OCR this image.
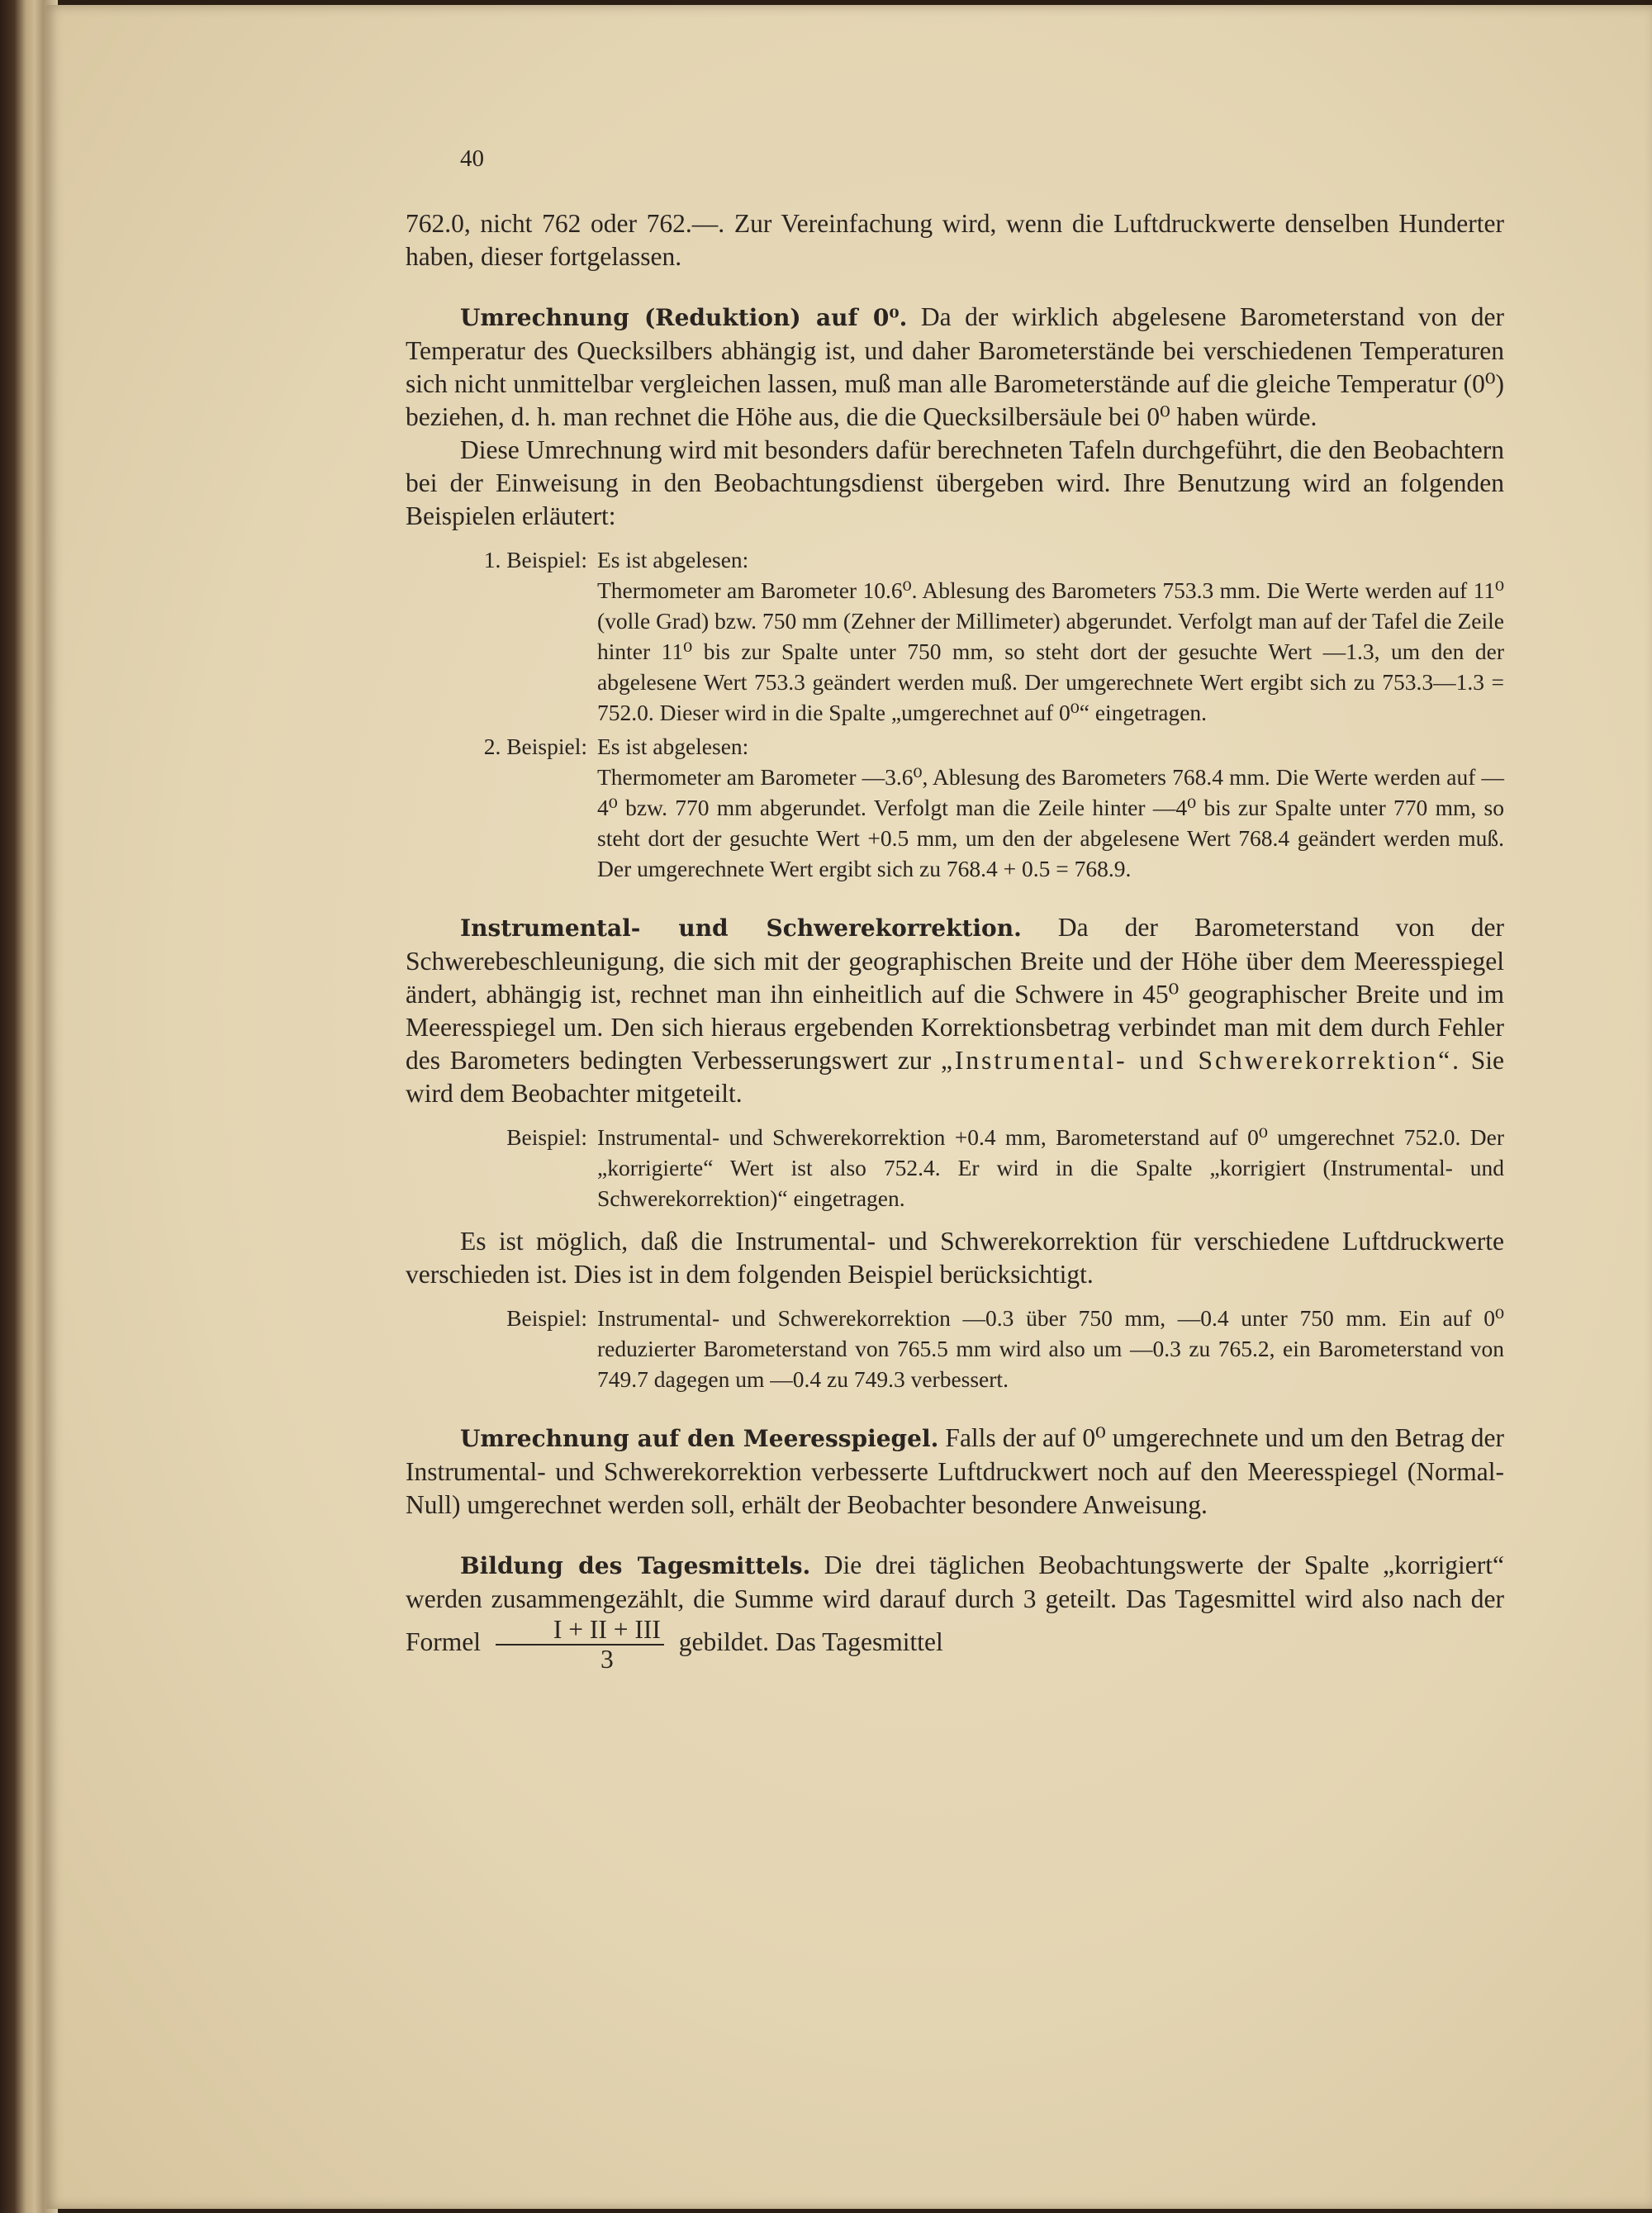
40

762.0, nicht 762 oder 762.—. Zur Vereinfachung wird, wenn die Luftdruckwerte denselben Hunderter haben, dieser fortgelassen.

Umrechnung (Reduktion) auf 0⁰. Da der wirklich abgelesene Barometerstand von der Temperatur des Quecksilbers abhängig ist, und daher Barometerstände bei verschiedenen Temperaturen sich nicht unmittelbar vergleichen lassen, muß man alle Barometerstände auf die gleiche Temperatur (0⁰) beziehen, d. h. man rechnet die Höhe aus, die die Quecksilbersäule bei 0⁰ haben würde.

Diese Umrechnung wird mit besonders dafür berechneten Tafeln durchgeführt, die den Beobachtern bei der Einweisung in den Beobachtungsdienst übergeben wird. Ihre Benutzung wird an folgenden Beispielen erläutert:

1. Beispiel: Es ist abgelesen:
Thermometer am Barometer 10.6⁰. Ablesung des Barometers 753.3 mm. Die Werte werden auf 11⁰ (volle Grad) bzw. 750 mm (Zehner der Millimeter) abgerundet. Verfolgt man auf der Tafel die Zeile hinter 11⁰ bis zur Spalte unter 750 mm, so steht dort der gesuchte Wert —1.3, um den der abgelesene Wert 753.3 geändert werden muß. Der umgerechnete Wert ergibt sich zu 753.3—1.3 = 752.0. Dieser wird in die Spalte „umgerechnet auf 0⁰“ eingetragen.
2. Beispiel: Es ist abgelesen:
Thermometer am Barometer —3.6⁰, Ablesung des Barometers 768.4 mm. Die Werte werden auf —4⁰ bzw. 770 mm abgerundet. Verfolgt man die Zeile hinter —4⁰ bis zur Spalte unter 770 mm, so steht dort der gesuchte Wert +0.5 mm, um den der abgelesene Wert 768.4 geändert werden muß. Der umgerechnete Wert ergibt sich zu 768.4 + 0.5 = 768.9.

Instrumental- und Schwerekorrektion. Da der Barometerstand von der Schwerebeschleunigung, die sich mit der geographischen Breite und der Höhe über dem Meeresspiegel ändert, abhängig ist, rechnet man ihn einheitlich auf die Schwere in 45⁰ geographischer Breite und im Meeresspiegel um. Den sich hieraus ergebenden Korrektionsbetrag verbindet man mit dem durch Fehler des Barometers bedingten Verbesserungswert zur „Instrumental- und Schwerekorrektion“. Sie wird dem Beobachter mitgeteilt.

Beispiel: Instrumental- und Schwerekorrektion +0.4 mm, Barometerstand auf 0⁰ umgerechnet 752.0. Der „korrigierte“ Wert ist also 752.4. Er wird in die Spalte „korrigiert (Instrumental- und Schwerekorrektion)“ eingetragen.

Es ist möglich, daß die Instrumental- und Schwerekorrektion für verschiedene Luftdruckwerte verschieden ist. Dies ist in dem folgenden Beispiel berücksichtigt.

Beispiel: Instrumental- und Schwerekorrektion —0.3 über 750 mm, —0.4 unter 750 mm. Ein auf 0⁰ reduzierter Barometerstand von 765.5 mm wird also um —0.3 zu 765.2, ein Barometerstand von 749.7 dagegen um —0.4 zu 749.3 verbessert.

Umrechnung auf den Meeresspiegel. Falls der auf 0⁰ umgerechnete und um den Betrag der Instrumental- und Schwerekorrektion verbesserte Luftdruckwert noch auf den Meeresspiegel (Normal-Null) umgerechnet werden soll, erhält der Beobachter besondere Anweisung.

Bildung des Tagesmittels. Die drei täglichen Beobachtungswerte der Spalte „korrigiert“ werden zusammengezählt, die Summe wird darauf durch 3 geteilt. Das Tagesmittel wird also nach der Formel $\frac{\text{I + II + III}}{3}$ gebildet. Das Tagesmittel
